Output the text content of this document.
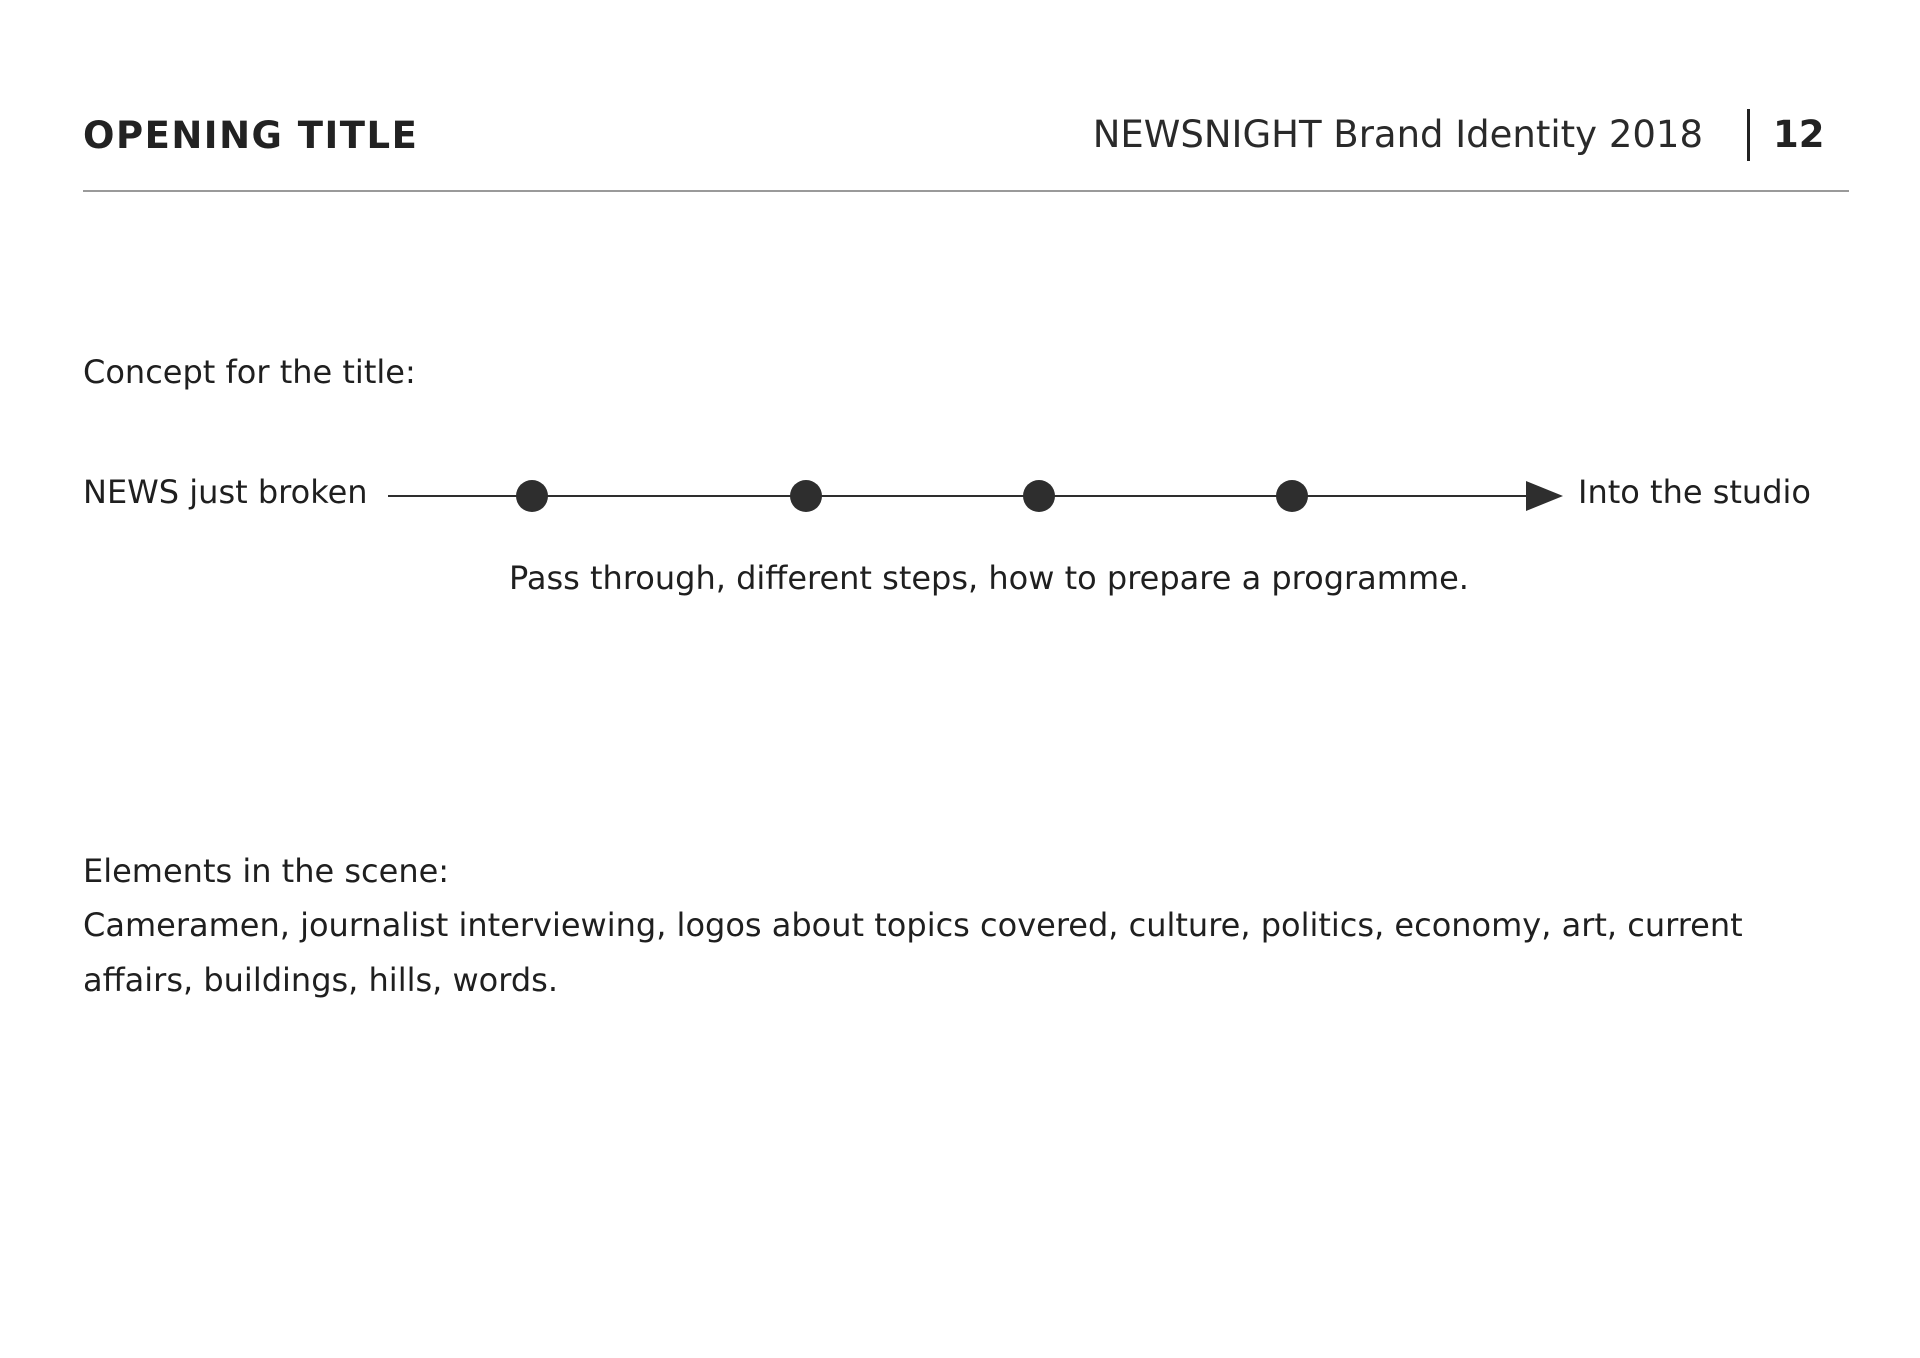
OPENING TITLE	NEWSNIGHT Brand Identity 2018 12
Concept for the title:
NEWS just broken	Into the studio
Pass through, different steps, how to prepare a programme.
Elements in the scene:
Cameramen, journalist interviewing, logos about topics covered, culture, politics, economy, art, current affairs, buildings, hills, words.
